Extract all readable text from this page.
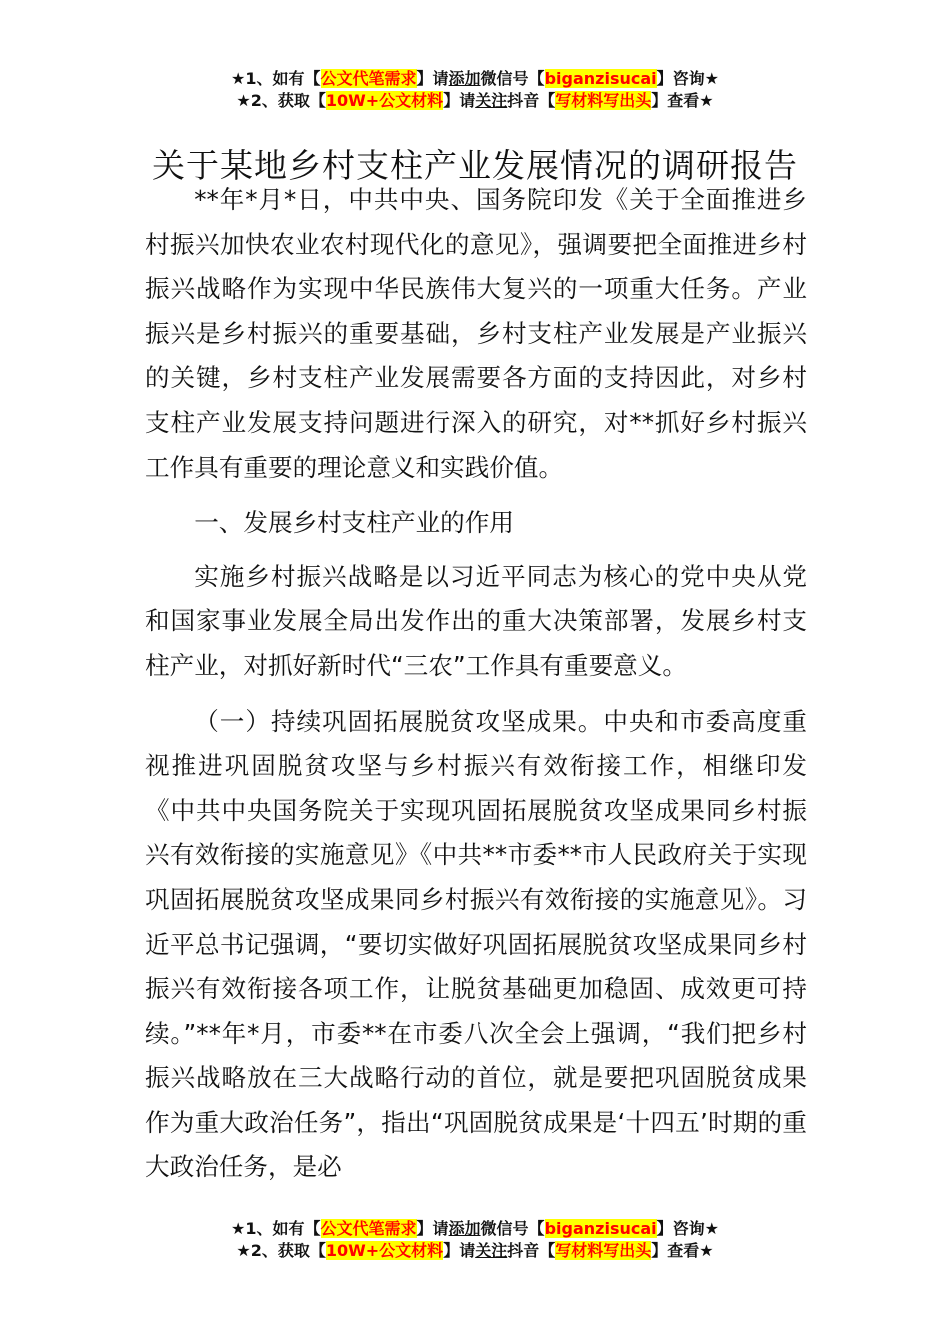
★1、如有【公文代笔需求】请添加微信号【biganzisucai】咨询★
★2、获取【10W+公文材料】请关注抖音【写材料写出头】查看★
关于某地乡村支柱产业发展情况的调研报告

**年*月*日，中共中央、国务院印发《关于全面推进乡村振兴加快农业农村现代化的意见》，强调要把全面推进乡村振兴战略作为实现中华民族伟大复兴的一项重大任务。产业振兴是乡村振兴的重要基础，乡村支柱产业发展是产业振兴的关键，乡村支柱产业发展需要各方面的支持因此，对乡村支柱产业发展支持问题进行深入的研究，对**抓好乡村振兴工作具有重要的理论意义和实践价值。

一、发展乡村支柱产业的作用

实施乡村振兴战略是以习近平同志为核心的党中央从党和国家事业发展全局出发作出的重大决策部署，发展乡村支柱产业，对抓好新时代“三农”工作具有重要意义。

（一）持续巩固拓展脱贫攻坚成果。中央和市委高度重视推进巩固脱贫攻坚与乡村振兴有效衔接工作，相继印发《中共中央国务院关于实现巩固拓展脱贫攻坚成果同乡村振兴有效衔接的实施意见》《中共**市委**市人民政府关于实现巩固拓展脱贫攻坚成果同乡村振兴有效衔接的实施意见》。习近平总书记强调，“要切实做好巩固拓展脱贫攻坚成果同乡村振兴有效衔接各项工作，让脱贫基础更加稳固、成效更可持续。”**年*月，市委**在市委八次全会上强调，“我们把乡村振兴战略放在三大战略行动的首位，就是要把巩固脱贫成果作为重大政治任务”，指出“巩固脱贫成果是‘十四五’时期的重大政治任务，是必

★1、如有【公文代笔需求】请添加微信号【biganzisucai】咨询★
★2、获取【10W+公文材料】请关注抖音【写材料写出头】查看★
